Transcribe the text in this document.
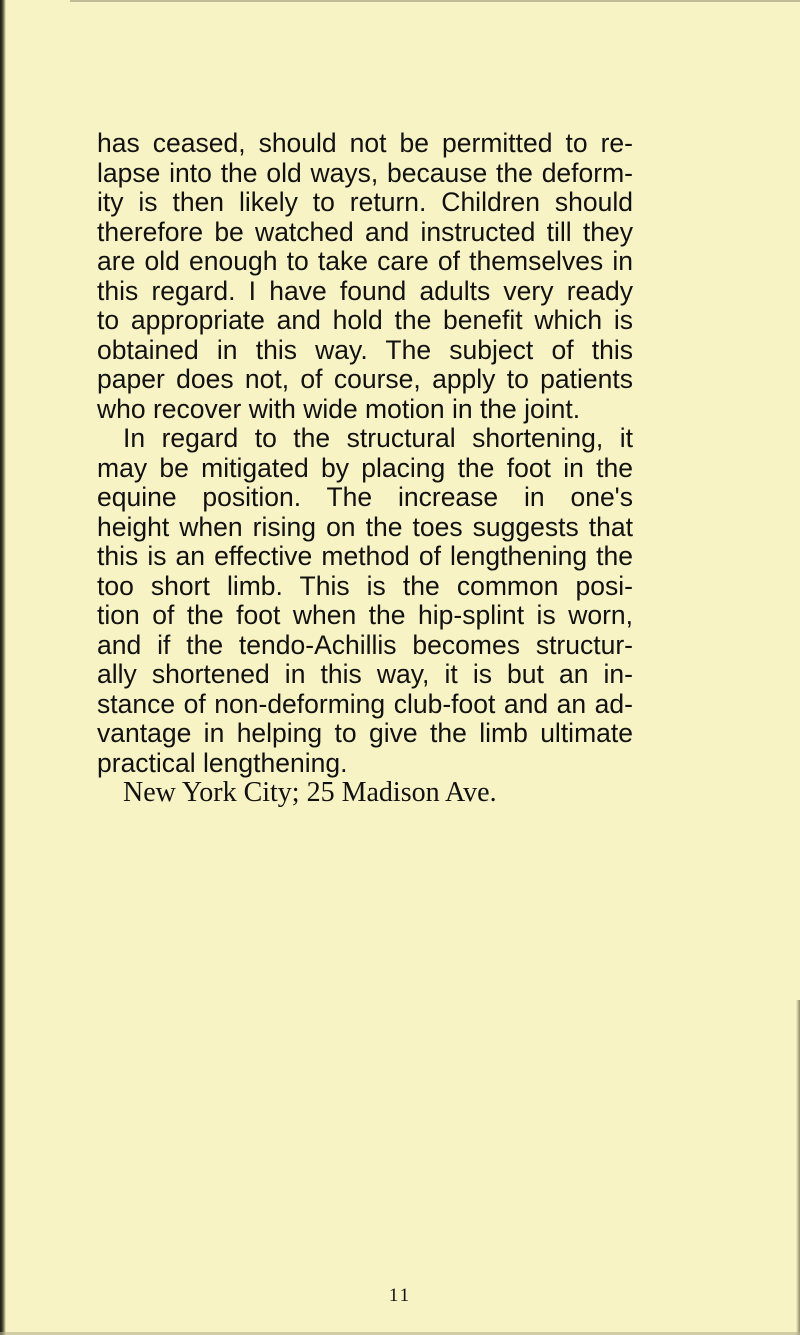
has ceased, should not be permitted to re-
lapse into the old ways, because the deform-
ity is then likely to return. Children should
therefore be watched and instructed till they
are old enough to take care of themselves in
this regard. I have found adults very ready
to appropriate and hold the benefit which is
obtained in this way. The subject of this
paper does not, of course, apply to patients
who recover with wide motion in the joint.
In regard to the structural shortening, it
may be mitigated by placing the foot in the
equine position. The increase in one's
height when rising on the toes suggests that
this is an effective method of lengthening the
too short limb. This is the common posi-
tion of the foot when the hip-splint is worn,
and if the tendo-Achillis becomes structur-
ally shortened in this way, it is but an in-
stance of non-deforming club-foot and an ad-
vantage in helping to give the limb ultimate
practical lengthening.
New York City; 25 Madison Ave.
11
